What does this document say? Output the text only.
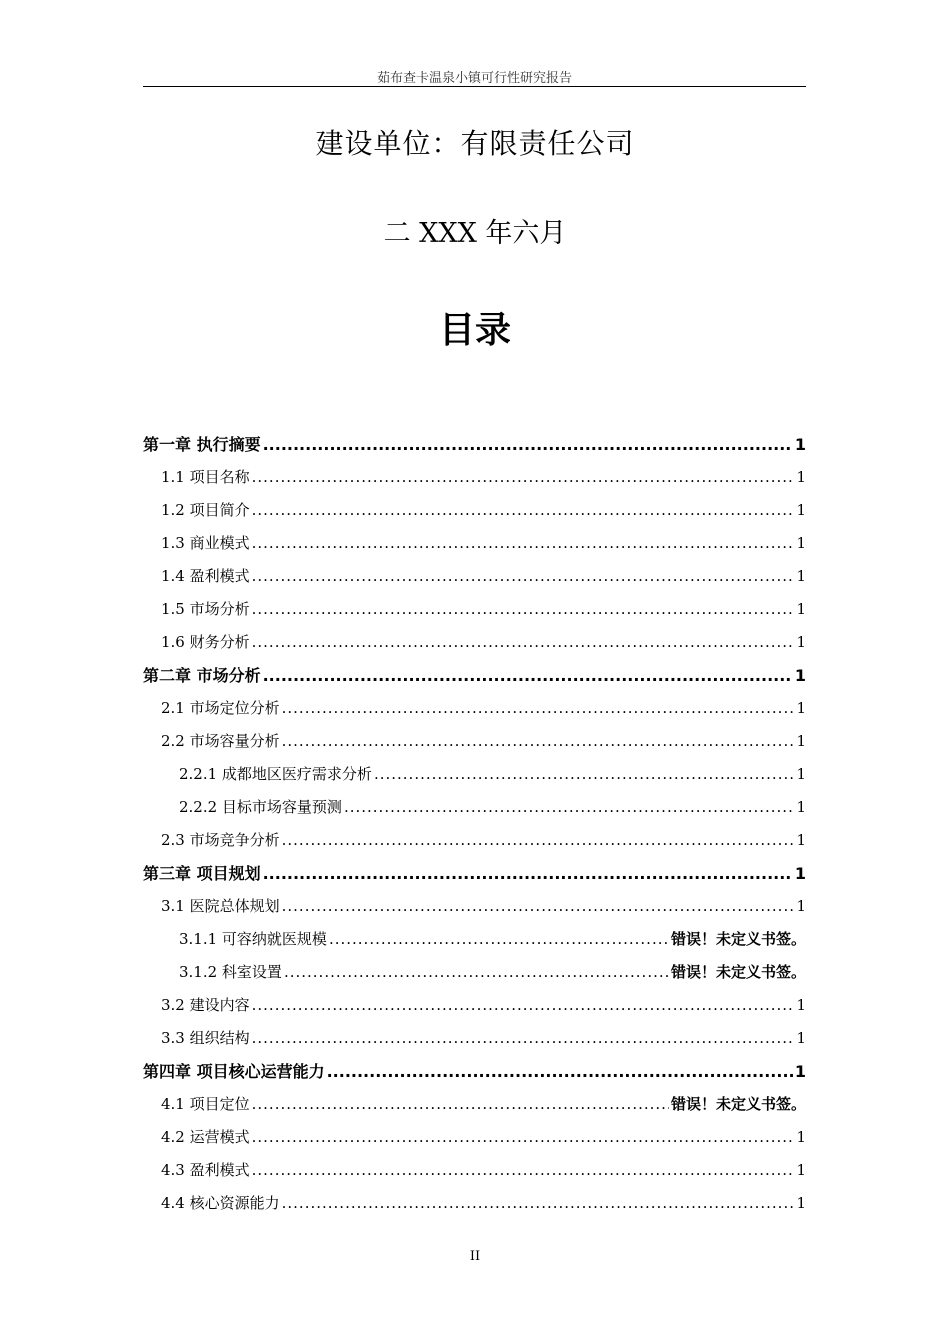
茹布查卡温泉小镇可行性研究报告
建设单位：有限责任公司
二 XXX 年六月
目录
第一章 执行摘要 .....	1
1.1 项目名称 .....	1
1.2 项目简介 .....	1
1.3 商业模式 .....	1
1.4 盈利模式 .....	1
1.5 市场分析 .....	1
1.6 财务分析 .....	1
第二章 市场分析 .....	1
2.1 市场定位分析 .....	1
2.2 市场容量分析 .....	1
2.2.1 成都地区医疗需求分析 .....	1
2.2.2 目标市场容量预测 .....	1
2.3 市场竞争分析 .....	1
第三章 项目规划 .....	1
3.1 医院总体规划 .....	1
3.1.1 可容纳就医规模 .....	错误！未定义书签。
3.1.2 科室设置 .....	错误！未定义书签。
3.2 建设内容 .....	1
3.3 组织结构 .....	1
第四章 项目核心运营能力 .....	1
4.1 项目定位 .....	错误！未定义书签。
4.2 运营模式 .....	1
4.3 盈利模式 .....	1
4.4 核心资源能力 .....	1
II
